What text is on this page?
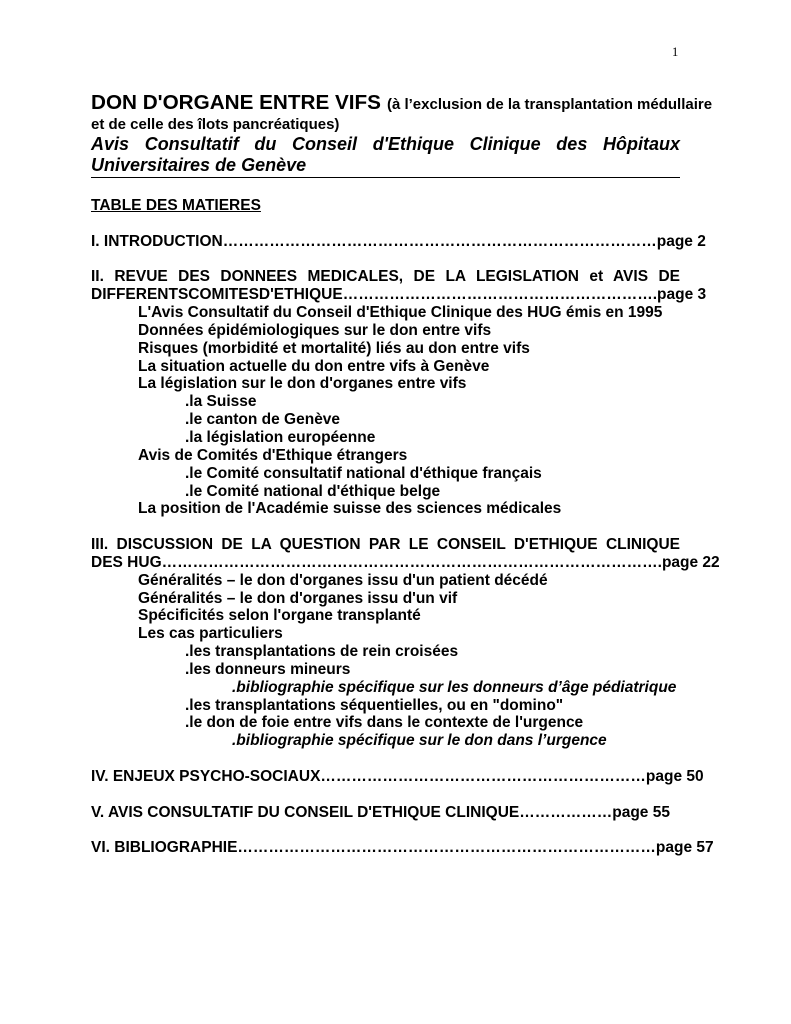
1
DON D'ORGANE ENTRE VIFS (à l’exclusion de la transplantation médullaire
et de celle des îlots pancréatiques)
Avis Consultatif du Conseil d'Ethique Clinique des Hôpitaux
Universitaires de Genève
TABLE DES MATIERES
I. INTRODUCTION…………………………………………………………………………page 2
II. REVUE DES DONNEES MEDICALES, DE LA LEGISLATION et AVIS DE
DIFFERENTSCOMITESD'ETHIQUE…………………………………………………….page 3
L'Avis Consultatif du Conseil d'Ethique Clinique des HUG émis en 1995
Données épidémiologiques sur le don entre vifs
Risques (morbidité et mortalité) liés au don entre vifs
La situation actuelle du don entre vifs à Genève
La législation sur le don d'organes entre vifs
.la Suisse
.le canton de Genève
.la législation européenne
Avis de Comités d'Ethique étrangers
.le Comité consultatif national d'éthique français
.le Comité national d'éthique belge
La position de l'Académie suisse des sciences médicales
III. DISCUSSION DE LA QUESTION PAR LE CONSEIL D'ETHIQUE CLINIQUE
DES HUG…………………………………………………………………………………….page 22
Généralités – le don d'organes issu d'un patient décédé
Généralités – le don d'organes issu d'un vif
Spécificités selon l'organe transplanté
Les cas particuliers
.les transplantations de rein croisées
.les donneurs mineurs
.bibliographie spécifique sur les donneurs d’âge pédiatrique
.les transplantations séquentielles, ou en "domino"
.le don de foie entre vifs dans le contexte de l'urgence
.bibliographie spécifique sur le don dans l’urgence
IV. ENJEUX PSYCHO-SOCIAUX………………………………………………………page 50
V. AVIS CONSULTATIF DU CONSEIL D'ETHIQUE CLINIQUE………………page 55
VI. BIBLIOGRAPHIE………………………………………………………………………page 57
